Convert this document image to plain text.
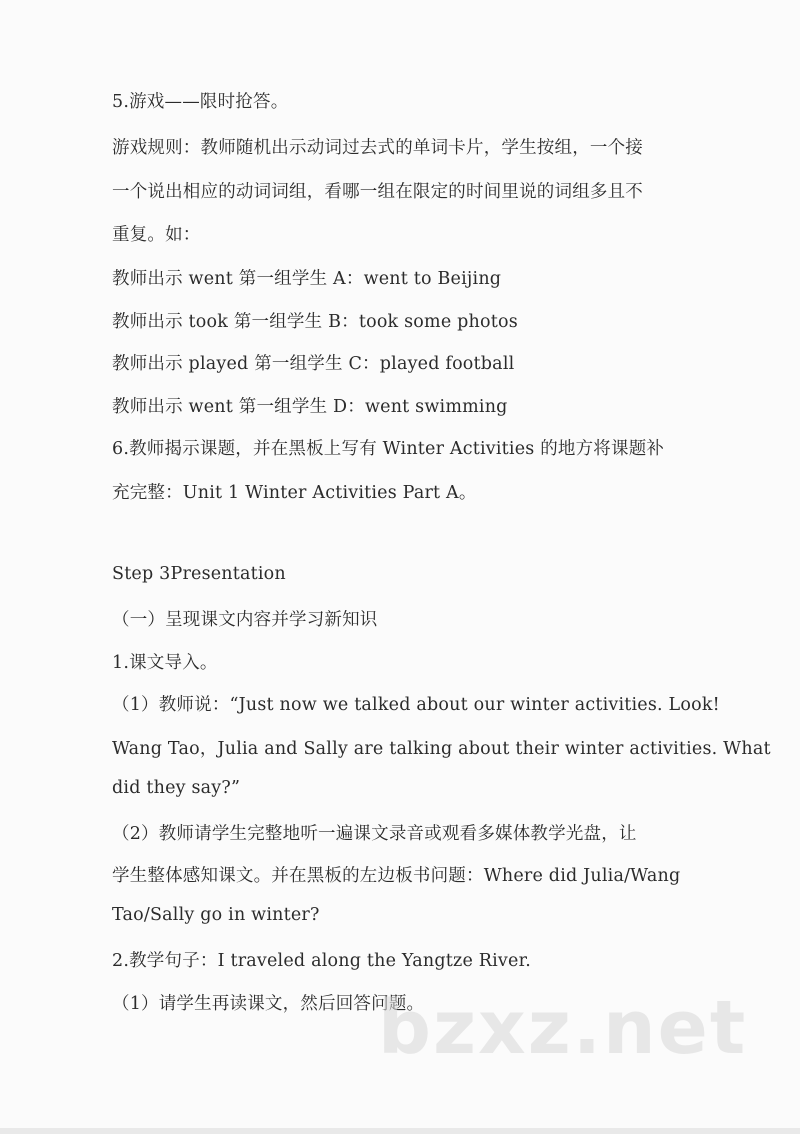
5.游戏——限时抢答。
游戏规则：教师随机出示动词过去式的单词卡片，学生按组，一个接
一个说出相应的动词词组，看哪一组在限定的时间里说的词组多且不
重复。如：
教师出示 went 第一组学生 A：went to Beijing
教师出示 took 第一组学生 B：took some photos
教师出示 played 第一组学生 C：played football
教师出示 went 第一组学生 D：went swimming
6.教师揭示课题，并在黑板上写有 Winter Activities 的地方将课题补
充完整：Unit 1 Winter Activities Part A。
Step 3Presentation
（一）呈现课文内容并学习新知识
1.课文导入。
（1）教师说：“Just now we talked about our winter activities. Look!
Wang Tao，Julia and Sally are talking about their winter activities. What
did they say?”
（2）教师请学生完整地听一遍课文录音或观看多媒体教学光盘，让
学生整体感知课文。并在黑板的左边板书问题：Where did Julia/Wang
Tao/Sally go in winter?
2.教学句子：I traveled along the Yangtze River.
（1）请学生再读课文，然后回答问题。
bzxz.net
